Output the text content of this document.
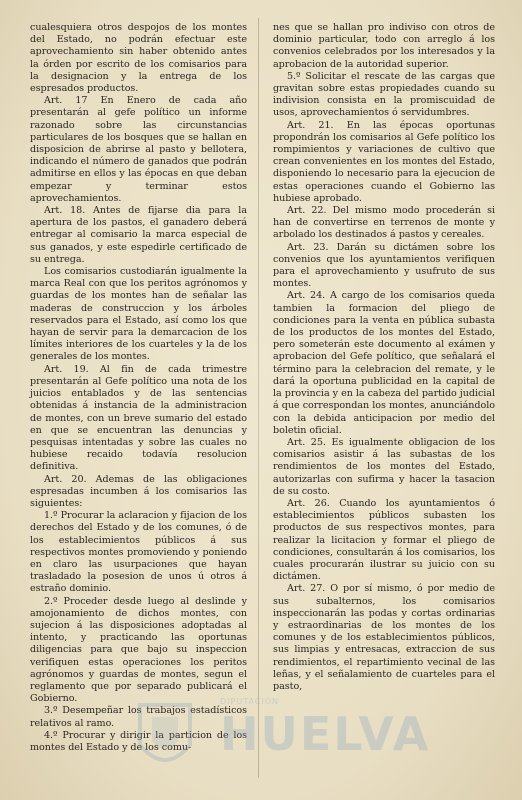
cualesquiera otros despojos de los montes del Estado, no podrán efectuar este aprovechamiento sin haber obtenido antes la órden por escrito de los comisarios para la designacion y la entrega de los espresados productos.

Art. 17 En Enero de cada año presentarán al gefe político un informe razonado sobre las circunstancias particulares de los bosques que se hallan en disposicion de abrirse al pasto y bellotera, indicando el número de ganados que podrán admitirse en ellos y las épocas en que deban empezar y terminar estos aprovechamientos.

Art. 18. Antes de fijarse dia para la apertura de los pastos, el ganadero deberá entregar al comisario la marca especial de sus ganados, y este espedirle certificado de su entrega.

Los comisarios custodiarán igualmente la marca Real con que los peritos agrónomos y guardas de los montes han de señalar las maderas de construccion y los árboles reservados para el Estado, así como los que hayan de servir para la demarcacion de los límites interiores de los cuarteles y la de los generales de los montes.

Art. 19. Al fin de cada trimestre presentarán al Gefe político una nota de los juicios entablados y de las sentencias obtenidas á instancia de la administracion de montes, con un breve sumario del estado en que se encuentran las denuncias y pesquisas intentadas y sobre las cuales no hubiese recaido todavía resolucion definitiva.

Art. 20. Ademas de las obligaciones espresadas incumben á los comisarios las siguientes:

1.º Procurar la aclaracion y fijacion de los derechos del Estado y de los comunes, ó de los establecimientos públicos á sus respectivos montes promoviendo y poniendo en claro las usurpaciones que hayan trasladado la posesion de unos ú otros á estraño dominio.

2.º Proceder desde luego al deslinde y amojonamiento de dichos montes, con sujecion á las disposiciones adoptadas al intento, y practicando las oportunas diligencias para que bajo su inspeccion verifiquen estas operaciones los peritos agrónomos y guardas de montes, segun el reglamento que por separado publicará el Gobierno.

3.º Desempeñar los trabajos estadísticos relativos al ramo.

4.º Procurar y dirigir la particion de los montes del Estado y de los comu-

nes que se hallan pro indiviso con otros de dominio particular, todo con arreglo á los convenios celebrados por los interesados y la aprobacion de la autoridad superior.

5.º Solicitar el rescate de las cargas que gravitan sobre estas propiedades cuando su indivision consista en la promiscuidad de usos, aprovechamientos ó servidumbres.

Art. 21. En las épocas oportunas propondrán los comisarios al Gefe político los rompimientos y variaciones de cultivo que crean convenientes en los montes del Estado, disponiendo lo necesario para la ejecucion de estas operaciones cuando el Gobierno las hubiese aprobado.

Art. 22. Del mismo modo procederán si han de convertirse en terrenos de monte y arbolado los destinados á pastos y cereales.

Art. 23. Darán su dictámen sobre los convenios que los ayuntamientos verifiquen para el aprovechamiento y usufruto de sus montes.

Art. 24. A cargo de los comisarios queda tambien la formacion del pliego de condiciones para la venta en pública subasta de los productos de los montes del Estado, pero someterán este documento al exámen y aprobacion del Gefe político, que señalará el término para la celebracion del remate, y le dará la oportuna publicidad en la capital de la provincia y en la cabeza del partido judicial á que correspondan los montes, anunciándolo con la debida anticipacion por medio del boletin oficial.

Art. 25. Es igualmente obligacion de los comisarios asistir á las subastas de los rendimientos de los montes del Estado, autorizarlas con sufirma y hacer la tasacion de su costo.

Art. 26. Cuando los ayuntamientos ó establecimientos públicos subasten los productos de sus respectivos montes, para realizar la licitacion y formar el pliego de condiciones, consultarán á los comisarios, los cuales procurarán ilustrar su juicio con su dictámen.

Art. 27. O por sí mismo, ó por medio de sus subalternos, los comisarios inspeccionarán las podas y cortas ordinarias y estraordinarias de los montes de los comunes y de los establecimientos públicos, sus limpias y entresacas, extraccion de sus rendimientos, el repartimiento vecinal de las leñas, y el señalamiento de cuarteles para el pasto,

DIPUTACIÓN
HUELVA
